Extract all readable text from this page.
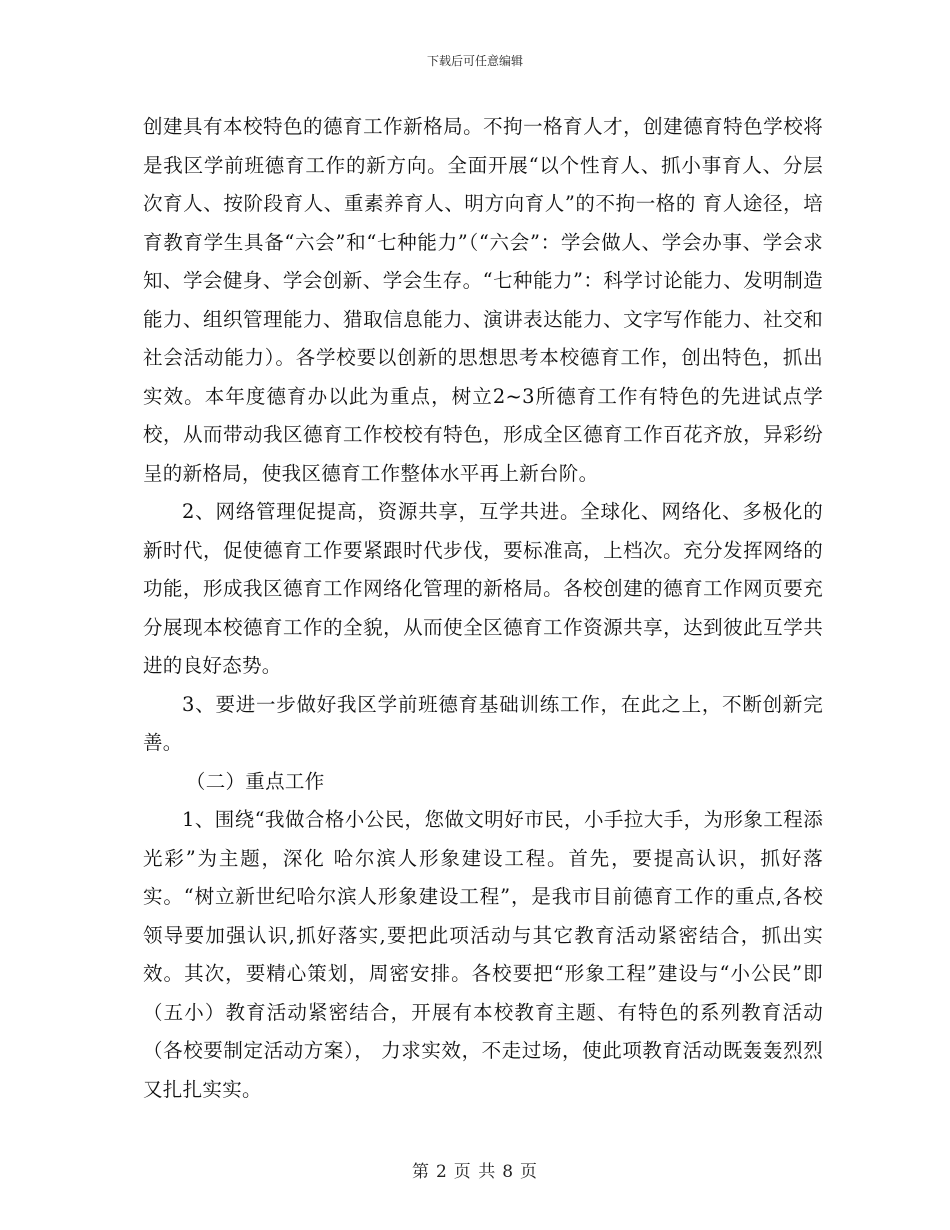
下载后可任意编辑

创建具有本校特色的德育工作新格局。不拘一格育人才，创建德育特色学校将是我区学前班德育工作的新方向。全面开展“以个性育人、抓小事育人、分层次育人、按阶段育人、重素养育人、明方向育人”的不拘一格的 育人途径，培育教育学生具备“六会”和“七种能力”（“六会”：学会做人、学会办事、学会求知、学会健身、学会创新、学会生存。“七种能力”：科学讨论能力、发明制造能力、组织管理能力、猎取信息能力、演讲表达能力、文字写作能力、社交和社会活动能力）。各学校要以创新的思想思考本校德育工作，创出特色，抓出实效。本年度德育办以此为重点，树立2~3所德育工作有特色的先进试点学校，从而带动我区德育工作校校有特色，形成全区德育工作百花齐放，异彩纷呈的新格局，使我区德育工作整体水平再上新台阶。

2、网络管理促提高，资源共享，互学共进。全球化、网络化、多极化的新时代，促使德育工作要紧跟时代步伐，要标准高，上档次。充分发挥网络的功能，形成我区德育工作网络化管理的新格局。各校创建的德育工作网页要充分展现本校德育工作的全貌，从而使全区德育工作资源共享，达到彼此互学共进的良好态势。

3、要进一步做好我区学前班德育基础训练工作，在此之上，不断创新完善。

（二）重点工作

1、围绕“我做合格小公民，您做文明好市民，小手拉大手，为形象工程添光彩”为主题，深化 哈尔滨人形象建设工程。首先，要提高认识，抓好落实。“树立新世纪哈尔滨人形象建设工程”，是我市目前德育工作的重点,各校领导要加强认识,抓好落实,要把此项活动与其它教育活动紧密结合，抓出实效。其次，要精心策划，周密安排。各校要把“形象工程”建设与“小公民”即（五小）教育活动紧密结合，开展有本校教育主题、有特色的系列教育活动（各校要制定活动方案）， 力求实效，不走过场，使此项教育活动既轰轰烈烈又扎扎实实。

第 2 页 共 8 页
